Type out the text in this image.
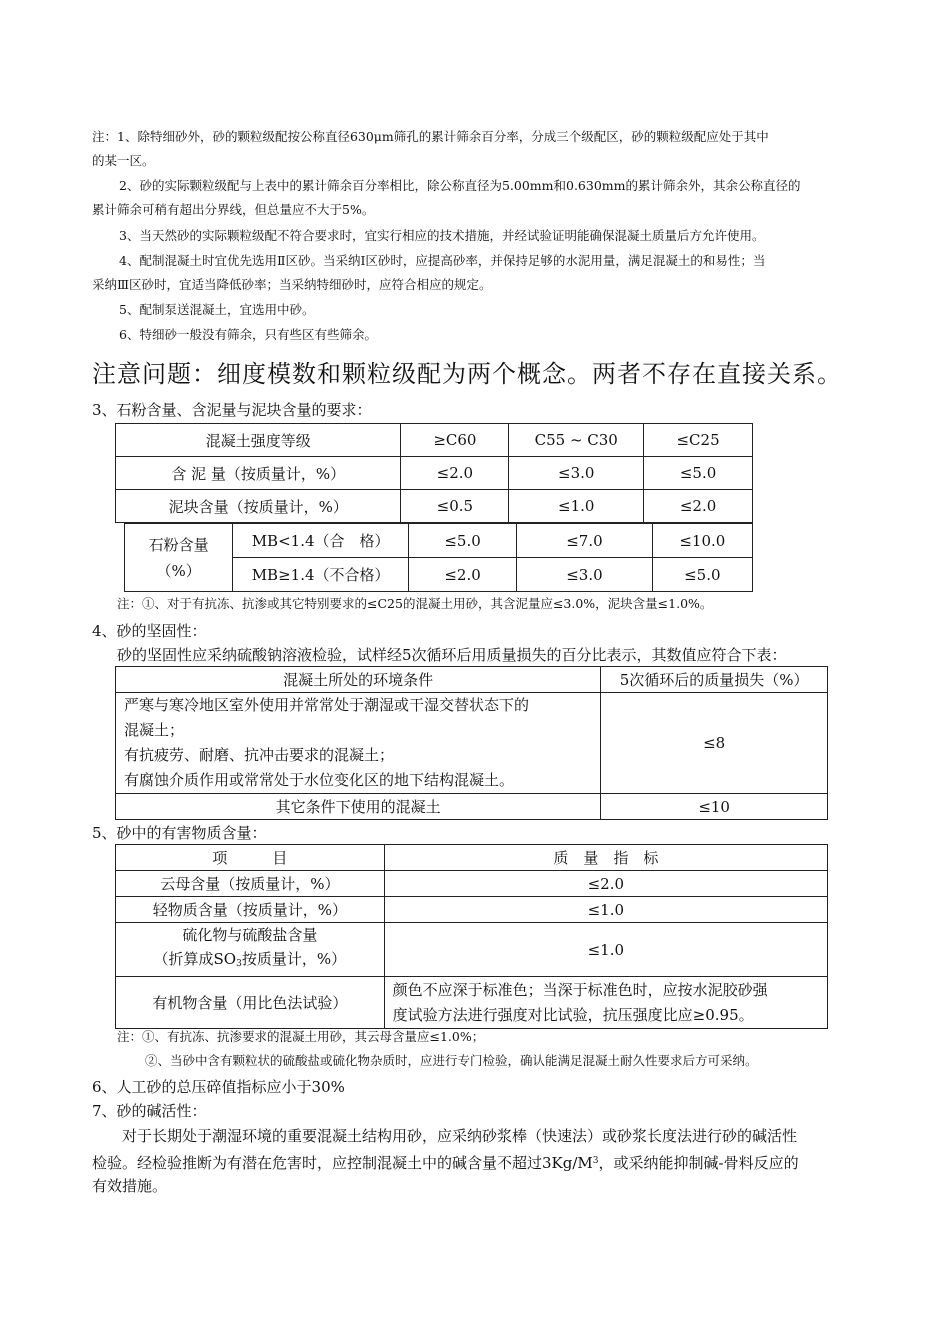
注：1、除特细砂外，砂的颗粒级配按公称直径630μm筛孔的累计筛余百分率，分成三个级配区，砂的颗粒级配应处于其中
的某一区。
2、砂的实际颗粒级配与上表中的累计筛余百分率相比，除公称直径为5.00mm和0.630mm的累计筛余外，其余公称直径的
累计筛余可稍有超出分界线，但总量应不大于5%。
3、当天然砂的实际颗粒级配不符合要求时，宜实行相应的技术措施，并经试验证明能确保混凝土质量后方允许使用。
4、配制混凝土时宜优先选用Ⅱ区砂。当采纳Ⅰ区砂时，应提高砂率，并保持足够的水泥用量，满足混凝土的和易性；当
采纳Ⅲ区砂时，宜适当降低砂率；当采纳特细砂时，应符合相应的规定。
5、配制泵送混凝土，宜选用中砂。
6、特细砂一般没有筛余，只有些区有些筛余。
注意问题：细度模数和颗粒级配为两个概念。两者不存在直接关系。
3、石粉含量、含泥量与泥块含量的要求：
混凝土强度等级	≥C60	C55 ~ C30	≤C25
含 泥 量（按质量计，%）	≤2.0	≤3.0	≤5.0
泥块含量（按质量计，%）	≤0.5	≤1.0	≤2.0
石粉含量
（%）	MB<1.4（合　格）	≤5.0	≤7.0	≤10.0
	MB≥1.4（不合格）	≤2.0	≤3.0	≤5.0
注：①、对于有抗冻、抗渗或其它特别要求的≤C25的混凝土用砂，其含泥量应≤3.0%，泥块含量≤1.0%。
4、砂的坚固性：
砂的坚固性应采纳硫酸钠溶液检验，试样经5次循环后用质量损失的百分比表示，其数值应符合下表：
混凝土所处的环境条件	5次循环后的质量损失（%）

严寒与寒冷地区室外使用并常常处于潮湿或干湿交替状态下的
混凝土；
有抗疲劳、耐磨、抗冲击要求的混凝土；
有腐蚀介质作用或常常处于水位变化区的地下结构混凝土。	≤8
其它条件下使用的混凝土	≤10
5、砂中的有害物质含量：
项　　　目	质　量　指　标
云母含量（按质量计，%）	≤2.0
轻物质含量（按质量计，%）	≤1.0

硫化物与硫酸盐含量
（折算成$SO_3$按质量计，%）	≤1.0
有机物含量（用比色法试验）	颜色不应深于标准色；当深于标准色时，应按水泥胶砂强
度试验方法进行强度对比试验，抗压强度比应≥0.95。
注：①、有抗冻、抗渗要求的混凝土用砂，其云母含量应≤1.0%；
②、当砂中含有颗粒状的硫酸盐或硫化物杂质时，应进行专门检验，确认能满足混凝土耐久性要求后方可采纳。
6、人工砂的总压碎值指标应小于30%
7、砂的碱活性：
对于长期处于潮湿环境的重要混凝土结构用砂，应采纳砂浆棒（快速法）或砂浆长度法进行砂的碱活性
检验。经检验推断为有潜在危害时，应控制混凝土中的碱含量不超过$3Kg/M^3$，或采纳能抑制碱-骨料反应的
有效措施。
